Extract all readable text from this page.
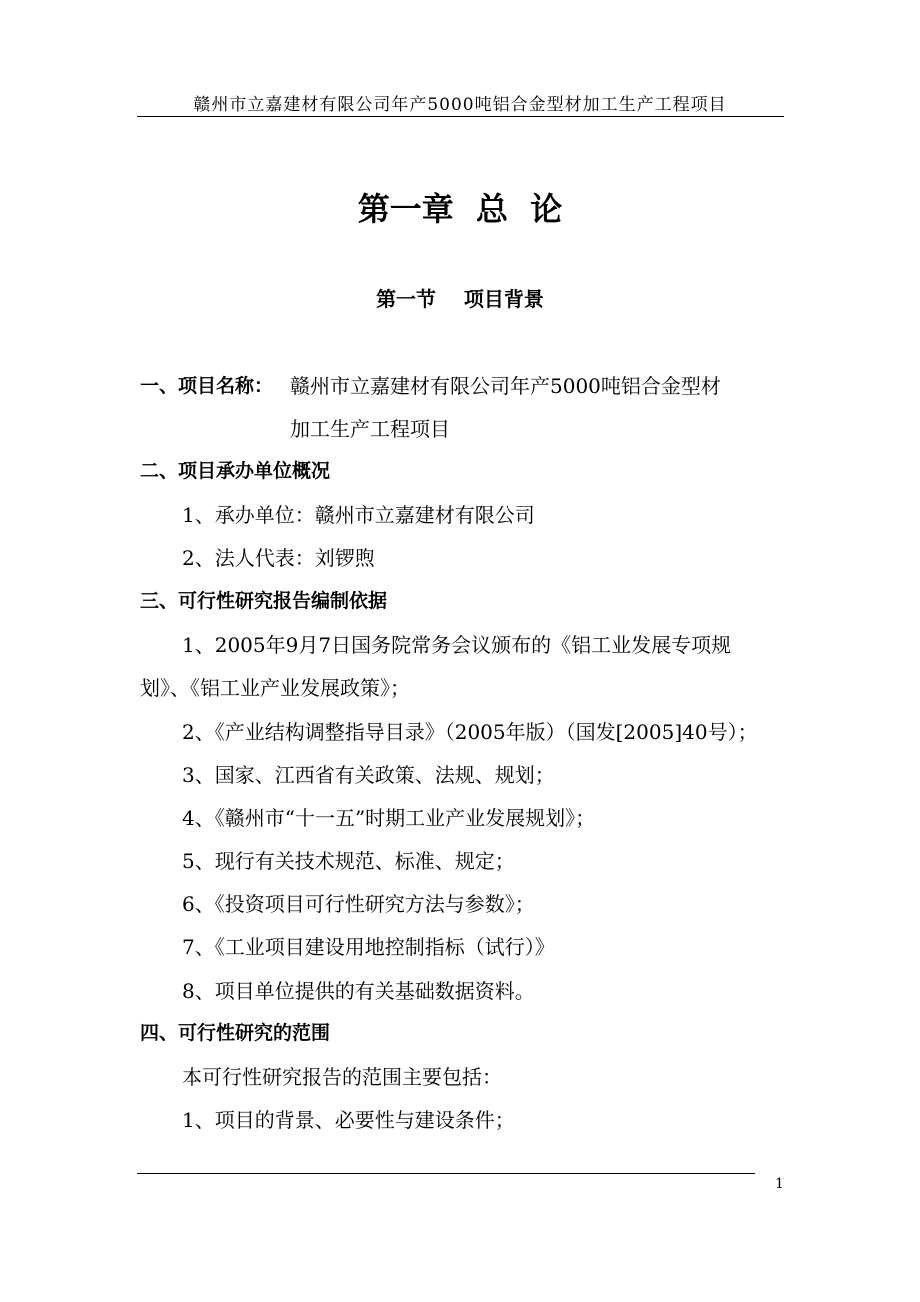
赣州市立嘉建材有限公司年产5000吨铝合金型材加工生产工程项目
第一章  总  论
第一节    项目背景
一、项目名称： 赣州市立嘉建材有限公司年产5000吨铝合金型材
加工生产工程项目
二、项目承办单位概况
1、承办单位：赣州市立嘉建材有限公司
2、法人代表：刘锣煦
三、可行性研究报告编制依据
1、2005年9月7日国务院常务会议颁布的《铝工业发展专项规
划》、《铝工业产业发展政策》；
2、《产业结构调整指导目录》（2005年版）（国发[2005]40号）；
3、国家、江西省有关政策、法规、规划；
4、《赣州市“十一五”时期工业产业发展规划》；
5、现行有关技术规范、标准、规定；
6、《投资项目可行性研究方法与参数》；
7、《工业项目建设用地控制指标（试行）》
8、项目单位提供的有关基础数据资料。
四、可行性研究的范围
本可行性研究报告的范围主要包括：
1、项目的背景、必要性与建设条件；
1
